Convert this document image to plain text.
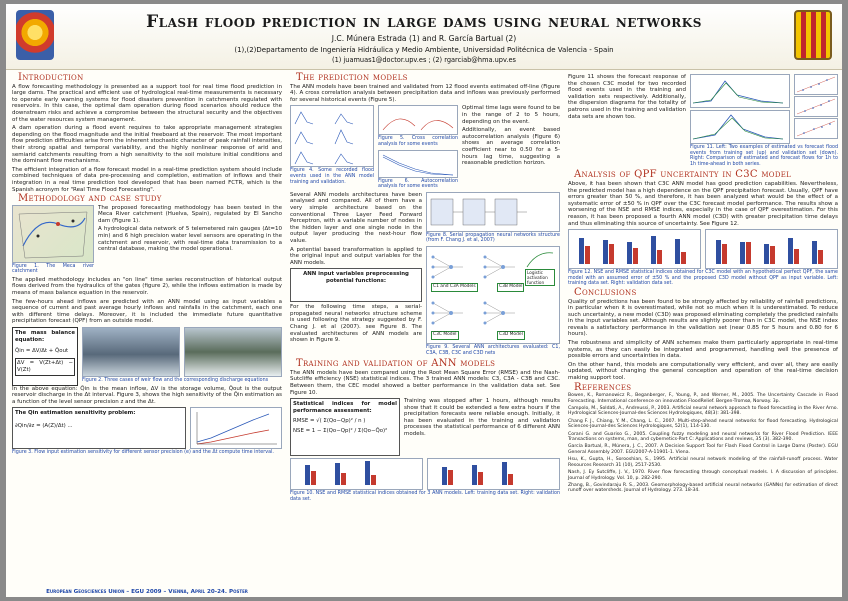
Flash flood prediction in large dams using neural networks
J.C. Múnera Estrada (1) and R. García Bartual (2)
(1),(2)Departamento de Ingeniería Hidráulica y Medio Ambiente, Universidad Politécnica de Valencia - Spain
(1) juamuas1@doctor.upv.es ; (2) rgarciab@hma.upv.es
Introduction

A flow forecasting methodology is presented as a support tool for real time flood prediction in large dams. The practical and efficient use of hydrological real-time measurements is necessary to operate early warning systems for flood disasters prevention in catchments regulated with reservoirs. In this case, the optimal dam operation during flood scenarios should reduce the downstream risks and achieve a compromise between the structural security and the objectives of the water resources system management.

A dam operation during a flood event requires to take appropriate management strategies depending on the flood magnitude and the initial freeboard at the reservoir. The most important flow prediction difficulties arise from the inherent stochastic character of peak rainfall intensities, their strong spatial and temporal variability, and the highly nonlinear response of arid and semiarid catchments resulting from a high sensitivity to the soil moisture initial conditions and the dominant flow mechanisms.

The efficient integration of a flow forecast model in a real-time prediction system should include combined techniques of data pre-processing and completion, estimation of inflows and their integration in a real time prediction tool developed that has been named FCTR, which is the Spanish acronym for "Real Time Flood Forecasting".

Methodology and case study
Figure 1. The Meca river catchment

The proposed forecasting methodology has been tested in the Meca River catchment (Huelva, Spain), regulated by El Sancho dam (Figure 1).

A hydrological data network of 5 telemetered rain gauges (Δt=10 min) and 6 high precision water level sensors are operating in the catchment and reservoir, with real-time data transmission to a central database, making the model operational.

The applied methodology includes an "on line" time series reconstruction of historical output flows derived from the hydraulics of the gates (figure 2), while the inflows estimation is made by means of mass balance equation in the reservoir.

The few-hours ahead inflows are predicted with an ANN model using as input variables a sequence of current and past average hourly inflows and rainfalls in the catchment, each one with different time delays. Moreover, it is included the immediate future quantitative precipitation forecast (QPF) from an outside model.

The mass balance equation:
Q̄in = ΔV/Δt + Q̄out
ΔV = V(Zt+Δt) − V(Zt)
Figure 2. Three cases of weir flow and the corresponding discharge equations

In the above equation: Q̄in is the mean inflow, ΔV is the storage volume, Q̄out is the output reservoir discharge in the Δt interval. Figure 3, shows the high sensitivity of the Q̄in estimation as a function of the level sensor precision z and the Δt.

The Qin estimation sensitivity problem:
∂Qin/∂z = (A(Z)/Δt) ...
Figure 3. Flow input estimation sensitivity for different sensor precision (e) and the Δt compute time interval.
European Geosciences Union – EGU 2009 – Vienna, April 20-24. Poster
The prediction models

The ANN models have been trained and validated from 12 flood events estimated off-line (Figure 4). A cross correlation analysis between precipitation data and inflows was previously performed for several historical events (Figure 5).

Figure 4. Some recorded flood events used in the ANN model training and validation.
Figure 5. Cross correlation analysis for some events
Figure 6. Autocorrelation analysis for some events

Optimal time lags were found to be in the range of 2 to 5 hours, depending on the event.

Additionally, an event based autocorrelation analysis (Figure 6) shows an average correlation coefficient near to 0.50 for a 5-hours lag time, suggesting a reasonable prediction horizon.

Several ANN models architectures have been analysed and compared. All of them have a very simple architecture based on the conventional Three Layer Feed Forward Perceptron, with a variable number of nodes in the hidden layer and one single node in the output layer producing the next-hour flow value.

A potential based transformation is applied to the original input and output variables for the ANN models.

ANN input variables preprocessing potential functions:

For the following time steps, a serial-propagated neural networks structure scheme is used following the strategy suggested by F. Chang J. et al (2007). see Figure 8. The evaluated architectures of ANN models are shown in Figure 9.

Figure 8. Serial propagation neural networks structure (from F. Chang J. et al, 2007)
C1 and C3A Models	C3B Model
C3C Model	C3D Model
Logistic activation function
Figure 9. Several ANN architectures evaluated: C1, C3A, C3B, C3C and C3D nets
Training and validation of ANN models

The ANN models have been compared using the Root Mean Square Error (RMSE) and the Nash-Sutcliffe efficiency (NSE) statistical indices. The 3 trained ANN models: C3, C3A - C3B and C3C. Between them, the CEC model showed a better performance in the validation data set. See Figure 10.

Statistical indices for model performance assessment:
RMSE = √( Σ(Qo−Qp)² / n )
NSE = 1 − Σ(Qo−Qp)² / Σ(Qo−Q̄o)²

Training was stopped after 1 hours, although results show that it could be extended a few extra hours if the precipitation forecasts were reliable enough. Initially, it has been evaluated in the training and validation processes the statistical performance of 6 different ANN models.

Figure 10. NSE and RMSE statistical indices obtained for 3 ANN models. Left: training data set. Right: validation data set.

Figure 11 shows the forecast response of the chosen C3C model for two recorded flood events used in the training and validation sets respectively. Additionally, the dispersion diagrams for the totality of patrons used in the training and validation data sets are shown too.

Figure 11. Left: Two examples of estimated vs forecast flood events from training set (up) and validation set (down). Right: Comparison of estimated and forecast flows for 1h to 1h time-ahead in both series.
Analysis of QPF uncertainty in C3C model

Above, it has been shown that C3C ANN model has good prediction capabilities. Nevertheless, the predicted model has a high dependence on the QPF precipitation forecast. Usually, QPF have errors greater than 50 %, and therefore, it has been analyzed what would be the effect of a systematic error of ±50 % in QPF over the C3C forecast model performance. The results show a worsening of the NSE and RMSE indices, especially in the case of QPF overestimation. For this reason, it has been proposed a fourth ANN model (C3D) with greater precipitation time delays and thus eliminating this source of uncertainty. See Figure 12.

Figure 12. NSE and RMSE statistical indices obtained for C3C model with an hypothetical perfect QPF, the same model with an assumed error of ±50 % and the proposed C3D model without QPF as input variable. Left: training data set. Right: validation data set.
Conclusions

Quality of predictions has been found to be strongly affected by reliability of rainfall predictions, in particular when it is overestimated, while not so much when it is underestimated. To reduce such uncertainty, a new model (C3D) was proposed eliminating completely the predicted rainfalls in the input variables set. Although results are slightly poorer than in C3C model, the NSE index reveals a satisfactory performance in the validation set (near 0.85 for 5 hours and 0.80 for 6 hours).

The robustness and simplicity of ANN schemes make them particularly appropriate in real-time systems, as they can easily be integrated and programmed, handling well the presence of possible errors and uncertainties in data.

On the other hand, this models are computationally very efficient, and over all, they are easily updated, without changing the general conception and operation of the real-time decision making support tool.

References

Bowen, K., Romanowicz R., Beganberger, F., Young, P., and Werner, M., 2005. The Uncertainty Cascade in Flood Forecasting. International conference on innovation FloodRelief. Bergen-Tromsø, Norway. 3p.

Campolo, M., Soldati, A., Andreussi, P., 2003. Artificial neural network approach to flood forecasting in the River Arno. Hydrological Sciences-Journal-des Sciences Hydrologiques, 48(3): 381-398.

Chang F. J., Chiang, Y. M., Chang, L. C., 2007. Multi-step-ahead neural networks for flood forecasting. Hydrological Sciences-Journal-des Sciences Hydrologiques, 52(1), 114-130.

Corani G. and Guariso G., 2005. Coupling fuzzy modeling and neural networks for River Flood Prediction. IEEE Transactions on systems, man, and cybernetics-Part C: Applications and reviews, 35 (3). 382-390.

García Bartual, R., Múnera, J. C., 2007. A Decision Support Tool for Flash Flood Control in Large Dams (Poster). EGU General Assembly 2007. EGU2007-A-11901-1. Viena.

Hsu, K., Gupta, H., Sorooshian, S., 1995. Artificial neural network modeling of the rainfall-runoff process. Water Resources Research 31 (10), 2517-2530.

Nash, J. Ey Sutcliffe, J. V., 1970. River flow forecasting through conceptual models. I. A discussion of principles. Journal of Hydrology. Vol. 10, p. 282-290.

Zhang, B., Govindaraju R. S., 2003. Geomorphology-based artificial neural networks (GANNs) for estimation of direct runoff over watersheds. Journal of Hydrology. 273. 18-34.
